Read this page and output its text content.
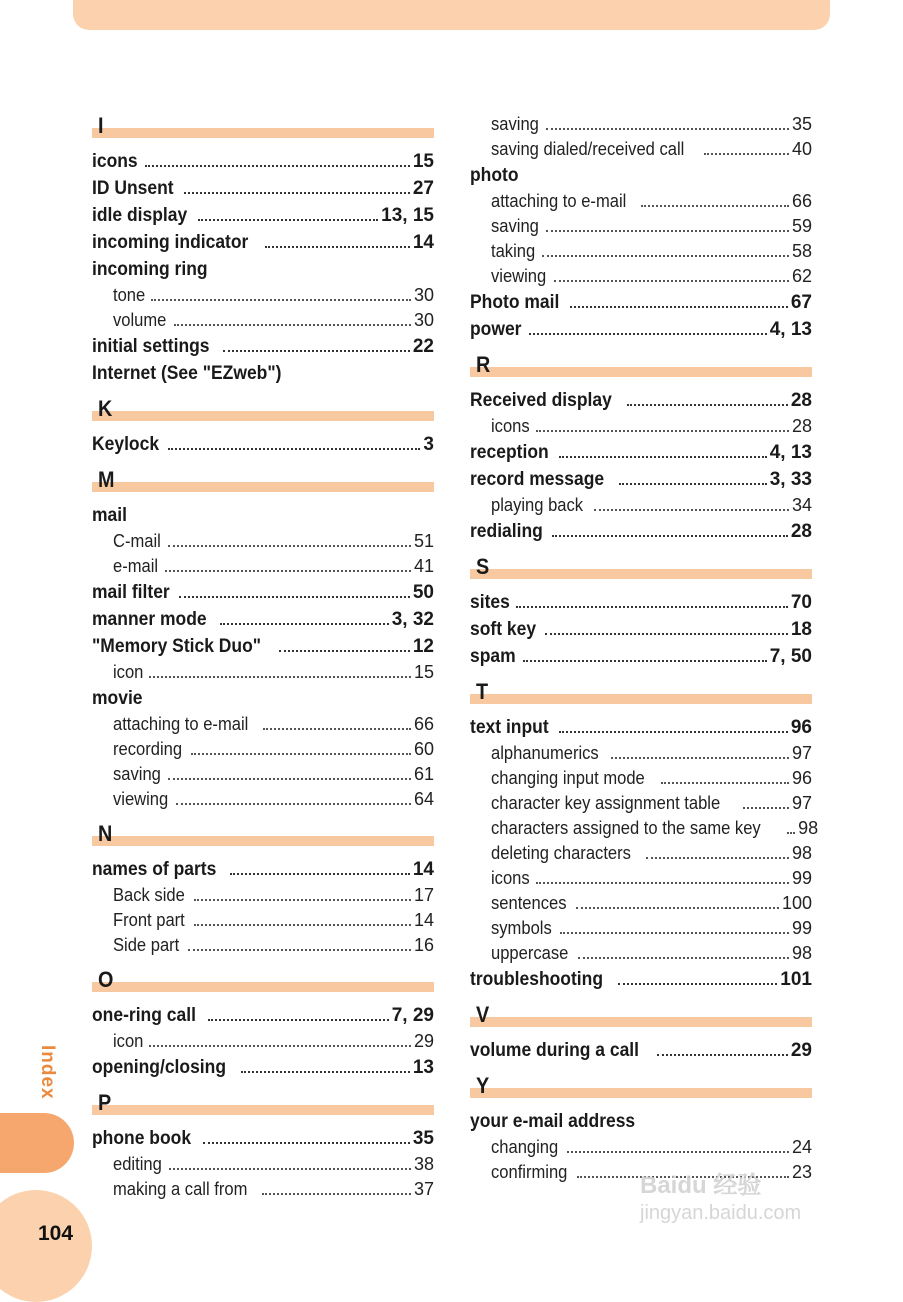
I
icons	15
ID Unsent	27
idle display	13, 15
incoming indicator	14
incoming ring
tone	30
volume	30
initial settings	22
Internet (See "EZweb")
K
Keylock	3
M
mail
C-mail	51
e-mail	41
mail filter	50
manner mode	3, 32
"Memory Stick Duo"	12
icon	15
movie
attaching to e-mail	66
recording	60
saving	61
viewing	64
N
names of parts	14
Back side	17
Front part	14
Side part	16
O
one-ring call	7, 29
icon	29
opening/closing	13
P
phone book	35
editing	38
making a call from	37
saving	35
saving dialed/received call	40
photo
attaching to e-mail	66
saving	59
taking	58
viewing	62
Photo mail	67
power	4, 13
R
Received display	28
icons	28
reception	4, 13
record message	3, 33
playing back	34
redialing	28
S
sites	70
soft key	18
spam	7, 50
T
text input	96
alphanumerics	97
changing input mode	96
character key assignment table	97
characters assigned to the same key 98
deleting characters	98
icons	99
sentences	100
symbols	99
uppercase	98
troubleshooting	101
V
volume during a call	29
Y
your e-mail address
changing	24
confirming	23
Index
104
Baidu 经验
jingyan.baidu.com
